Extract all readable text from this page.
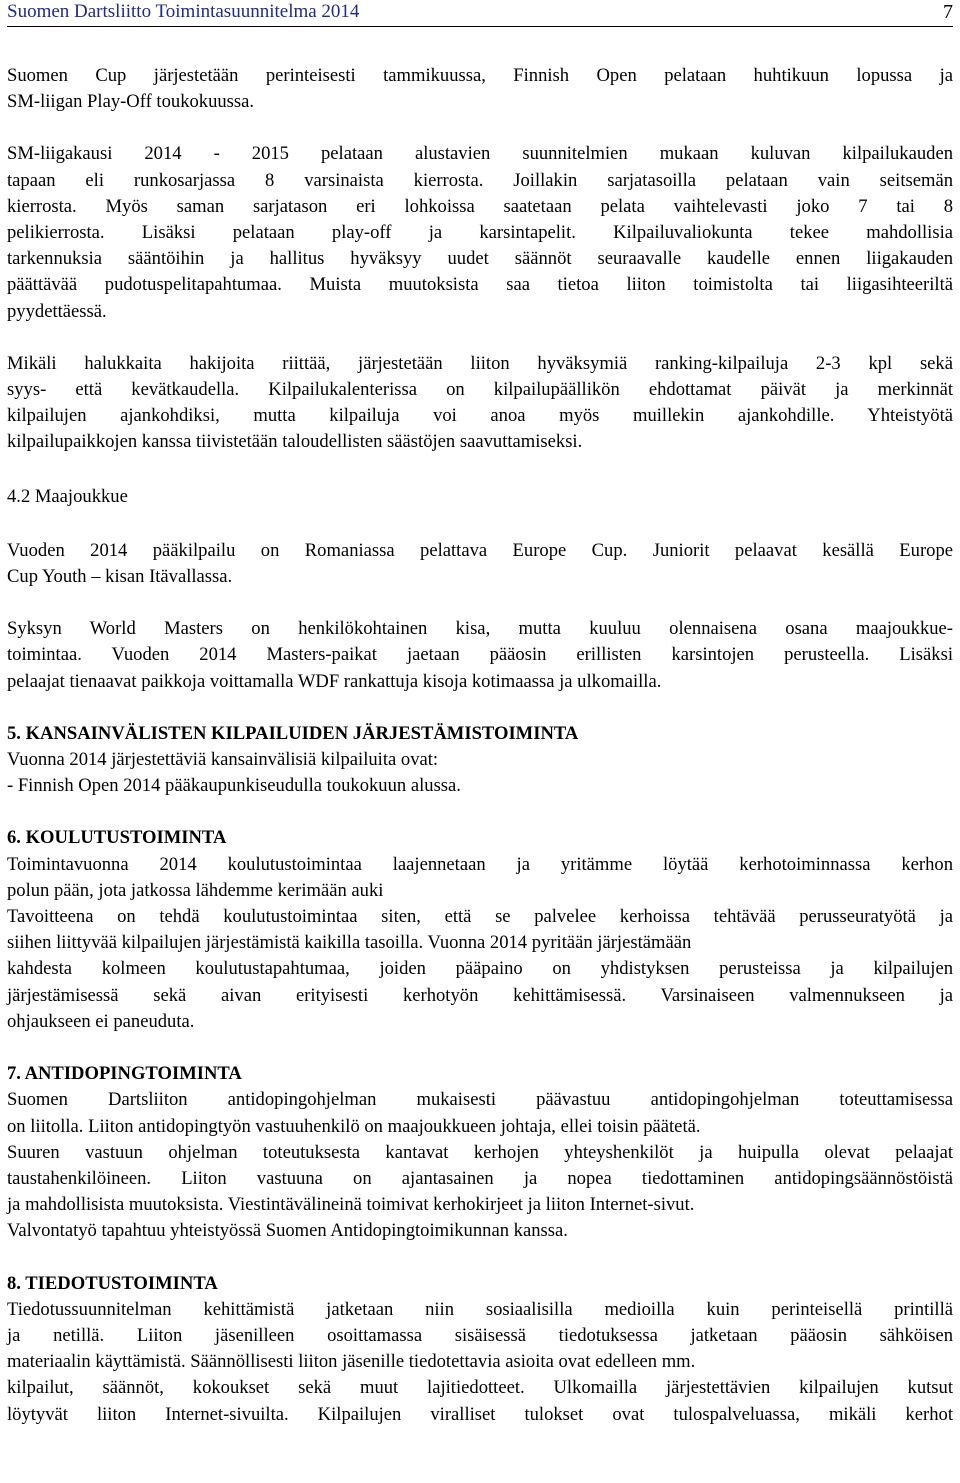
Suomen Dartsliitto Toimintasuunnitelma 2014	7

Suomen Cup järjestetään perinteisesti tammikuussa, Finnish Open pelataan huhtikuun lopussa ja

SM-liigan Play-Off toukokuussa.

SM-liigakausi 2014 - 2015 pelataan alustavien suunnitelmien mukaan kuluvan kilpailukauden

tapaan eli runkosarjassa 8 varsinaista kierrosta. Joillakin sarjatasoilla pelataan vain seitsemän

kierrosta. Myös saman sarjatason eri lohkoissa saatetaan pelata vaihtelevasti joko 7 tai 8

pelikierrosta. Lisäksi pelataan play-off ja karsintapelit. Kilpailuvaliokunta tekee mahdollisia

tarkennuksia sääntöihin ja hallitus hyväksyy uudet säännöt seuraavalle kaudelle ennen liigakauden

päättävää pudotuspelitapahtumaa. Muista muutoksista saa tietoa liiton toimistolta tai liigasihteeriltä

pyydettäessä.

Mikäli halukkaita hakijoita riittää, järjestetään liiton hyväksymiä ranking-kilpailuja 2-3 kpl sekä

syys- että kevätkaudella. Kilpailukalenterissa on kilpailupäällikön ehdottamat päivät ja merkinnät

kilpailujen ajankohdiksi, mutta kilpailuja voi anoa myös muillekin ajankohdille. Yhteistyötä

kilpailupaikkojen kanssa tiivistetään taloudellisten säästöjen saavuttamiseksi.

4.2 Maajoukkue

Vuoden 2014 pääkilpailu on Romaniassa pelattava Europe Cup. Juniorit pelaavat kesällä Europe

Cup Youth – kisan Itävallassa.

Syksyn World Masters on henkilökohtainen kisa, mutta kuuluu olennaisena osana maajoukkue-

toimintaa. Vuoden 2014 Masters-paikat jaetaan pääosin erillisten karsintojen perusteella. Lisäksi

pelaajat tienaavat paikkoja voittamalla WDF rankattuja kisoja kotimaassa ja ulkomailla.

5. KANSAINVÄLISTEN KILPAILUIDEN JÄRJESTÄMISTOIMINTA

Vuonna 2014 järjestettäviä kansainvälisiä kilpailuita ovat:

- Finnish Open 2014 pääkaupunkiseudulla toukokuun alussa.

6. KOULUTUSTOIMINTA

Toimintavuonna 2014 koulutustoimintaa laajennetaan ja yritämme löytää kerhotoiminnassa kerhon

polun pään, jota jatkossa lähdemme kerimään auki

Tavoitteena on tehdä koulutustoimintaa siten, että se palvelee kerhoissa tehtävää perusseuratyötä ja

siihen liittyvää kilpailujen järjestämistä kaikilla tasoilla. Vuonna 2014 pyritään järjestämään

kahdesta kolmeen koulutustapahtumaa, joiden pääpaino on yhdistyksen perusteissa ja kilpailujen

järjestämisessä sekä aivan erityisesti kerhotyön kehittämisessä. Varsinaiseen valmennukseen ja

ohjaukseen ei paneuduta.

7. ANTIDOPINGTOIMINTA

Suomen Dartsliiton antidopingohjelman mukaisesti päävastuu antidopingohjelman toteuttamisessa

on liitolla. Liiton antidopingtyön vastuuhenkilö on maajoukkueen johtaja, ellei toisin päätetä.

Suuren vastuun ohjelman toteutuksesta kantavat kerhojen yhteyshenkilöt ja huipulla olevat pelaajat

taustahenkilöineen. Liiton vastuuna on ajantasainen ja nopea tiedottaminen antidopingsäännöstöistä

ja mahdollisista muutoksista. Viestintävälineinä toimivat kerhokirjeet ja liiton Internet-sivut.

Valvontatyö tapahtuu yhteistyössä Suomen Antidopingtoimikunnan kanssa.

8. TIEDOTUSTOIMINTA

Tiedotussuunnitelman kehittämistä jatketaan niin sosiaalisilla medioilla kuin perinteisellä printillä

ja netillä. Liiton jäsenilleen osoittamassa sisäisessä tiedotuksessa jatketaan pääosin sähköisen

materiaalin käyttämistä. Säännöllisesti liiton jäsenille tiedotettavia asioita ovat edelleen mm.

kilpailut, säännöt, kokoukset sekä muut lajitiedotteet. Ulkomailla järjestettävien kilpailujen kutsut

löytyvät liiton Internet-sivuilta. Kilpailujen viralliset tulokset ovat tulospalveluassa, mikäli kerhot
